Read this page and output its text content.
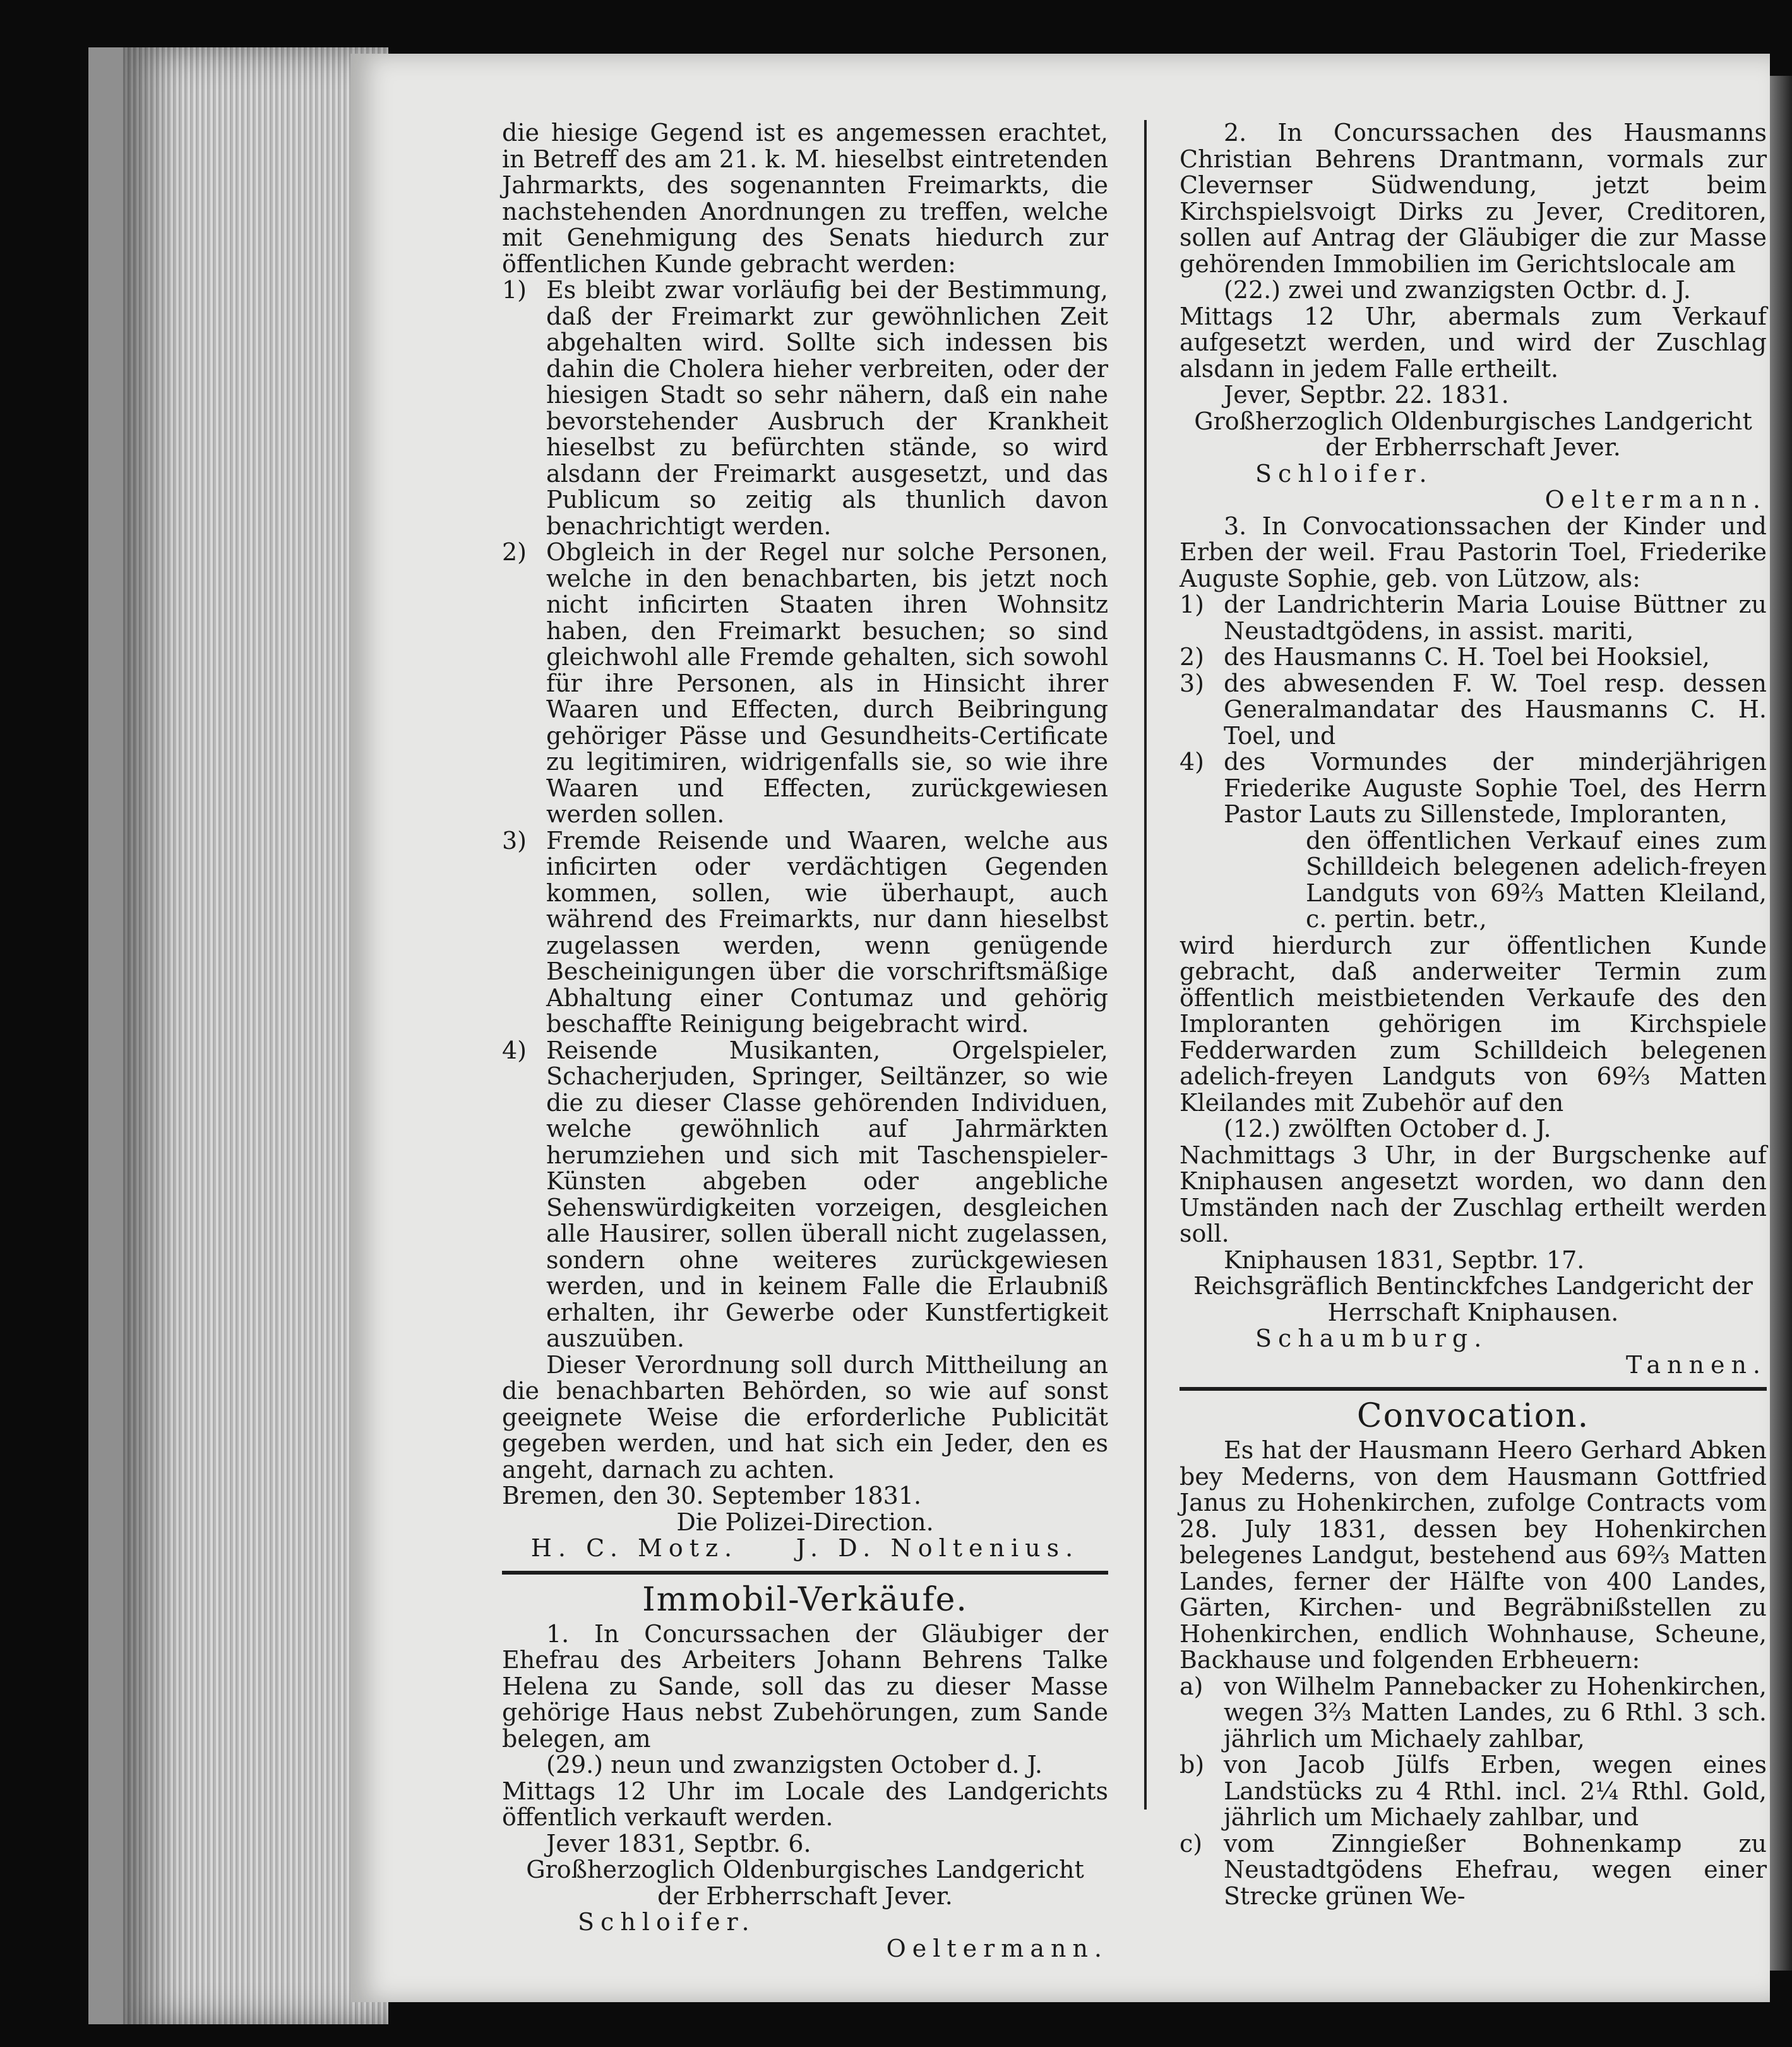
die hiesige Gegend ist es angemessen erachtet, in Betreff des am 21. k. M. hieselbst eintretenden Jahrmarkts, des sogenannten Freimarkts, die nachstehenden Anordnungen zu treffen, welche mit Genehmigung des Senats hiedurch zur öffentlichen Kunde gebracht werden:

1) Es bleibt zwar vorläufig bei der Bestimmung, daß der Freimarkt zur gewöhnlichen Zeit abgehalten wird. Sollte sich indessen bis dahin die Cholera hieher verbreiten, oder der hiesigen Stadt so sehr nähern, daß ein nahe bevorstehender Ausbruch der Krankheit hieselbst zu befürchten stände, so wird alsdann der Freimarkt ausgesetzt, und das Publicum so zeitig als thunlich davon benachrichtigt werden.
2) Obgleich in der Regel nur solche Personen, welche in den benachbarten, bis jetzt noch nicht inficirten Staaten ihren Wohnsitz haben, den Freimarkt besuchen; so sind gleichwohl alle Fremde gehalten, sich sowohl für ihre Personen, als in Hinsicht ihrer Waaren und Effecten, durch Beibringung gehöriger Pässe und Gesundheits-Certificate zu legitimiren, widrigenfalls sie, so wie ihre Waaren und Effecten, zurückgewiesen werden sollen.
3) Fremde Reisende und Waaren, welche aus inficirten oder verdächtigen Gegenden kommen, sollen, wie überhaupt, auch während des Freimarkts, nur dann hieselbst zugelassen werden, wenn genügende Bescheinigungen über die vorschriftsmäßige Abhaltung einer Contumaz und gehörig beschaffte Reinigung beigebracht wird.
4) Reisende Musikanten, Orgelspieler, Schacherjuden, Springer, Seiltänzer, so wie die zu dieser Classe gehörenden Individuen, welche gewöhnlich auf Jahrmärkten herumziehen und sich mit Taschenspieler-Künsten abgeben oder angebliche Sehenswürdigkeiten vorzeigen, desgleichen alle Hausirer, sollen überall nicht zugelassen, sondern ohne weiteres zurückgewiesen werden, und in keinem Falle die Erlaubniß erhalten, ihr Gewerbe oder Kunstfertigkeit auszuüben.

Dieser Verordnung soll durch Mittheilung an die benachbarten Behörden, so wie auf sonst geeignete Weise die erforderliche Publicität gegeben werden, und hat sich ein Jeder, den es angeht, darnach zu achten.

Bremen, den 30. September 1831.

Die Polizei-Direction.

H. C. Motz. J. D. Noltenius.
Immobil-Verkäufe.

1. In Concurssachen der Gläubiger der Ehefrau des Arbeiters Johann Behrens Talke Helena zu Sande, soll das zu dieser Masse gehörige Haus nebst Zubehörungen, zum Sande belegen, am

(29.) neun und zwanzigsten October d. J.

Mittags 12 Uhr im Locale des Landgerichts öffentlich verkauft werden.

Jever 1831, Septbr. 6.

Großherzoglich Oldenburgisches Landgericht der Erbherrschaft Jever.

Schloifer.

Oeltermann.

2. In Concurssachen des Hausmanns Christian Behrens Drantmann, vormals zur Clevernser Südwendung, jetzt beim Kirchspielsvoigt Dirks zu Jever, Creditoren, sollen auf Antrag der Gläubiger die zur Masse gehörenden Immobilien im Gerichtslocale am

(22.) zwei und zwanzigsten Octbr. d. J.

Mittags 12 Uhr, abermals zum Verkauf aufgesetzt werden, und wird der Zuschlag alsdann in jedem Falle ertheilt.

Jever, Septbr. 22. 1831.

Großherzoglich Oldenburgisches Landgericht der Erbherrschaft Jever.

Schloifer.

Oeltermann.

3. In Convocationssachen der Kinder und Erben der weil. Frau Pastorin Toel, Friederike Auguste Sophie, geb. von Lützow, als:

1) der Landrichterin Maria Louise Büttner zu Neustadtgödens, in assist. mariti,
2) des Hausmanns C. H. Toel bei Hooksiel,
3) des abwesenden F. W. Toel resp. dessen Generalmandatar des Hausmanns C. H. Toel, und
4) des Vormundes der minderjährigen Friederike Auguste Sophie Toel, des Herrn Pastor Lauts zu Sillenstede, Imploranten,

den öffentlichen Verkauf eines zum Schilldeich belegenen adelich-freyen Landguts von 69⅔ Matten Kleiland, c. pertin. betr.,

wird hierdurch zur öffentlichen Kunde gebracht, daß anderweiter Termin zum öffentlich meistbietenden Verkaufe des den Imploranten gehörigen im Kirchspiele Fedderwarden zum Schilldeich belegenen adelich-freyen Landguts von 69⅔ Matten Kleilandes mit Zubehör auf den

(12.) zwölften October d. J.

Nachmittags 3 Uhr, in der Burgschenke auf Kniphausen angesetzt worden, wo dann den Umständen nach der Zuschlag ertheilt werden soll.

Kniphausen 1831, Septbr. 17.

Reichsgräflich Bentinckfches Landgericht der Herrschaft Kniphausen.

Schaumburg.

Tannen.

Convocation.

Es hat der Hausmann Heero Gerhard Abken bey Mederns, von dem Hausmann Gottfried Janus zu Hohenkirchen, zufolge Contracts vom 28. July 1831, dessen bey Hohenkirchen belegenes Landgut, bestehend aus 69⅔ Matten Landes, ferner der Hälfte von 400 Landes, Gärten, Kirchen- und Begräbnißstellen zu Hohenkirchen, endlich Wohnhause, Scheune, Backhause und folgenden Erbheuern:

a) von Wilhelm Pannebacker zu Hohenkirchen, wegen 3⅔ Matten Landes, zu 6 Rthl. 3 sch. jährlich um Michaely zahlbar,
b) von Jacob Jülfs Erben, wegen eines Landstücks zu 4 Rthl. incl. 2¼ Rthl. Gold, jährlich um Michaely zahlbar, und
c) vom Zinngießer Bohnenkamp zu Neustadtgödens Ehefrau, wegen einer Strecke grünen We-
